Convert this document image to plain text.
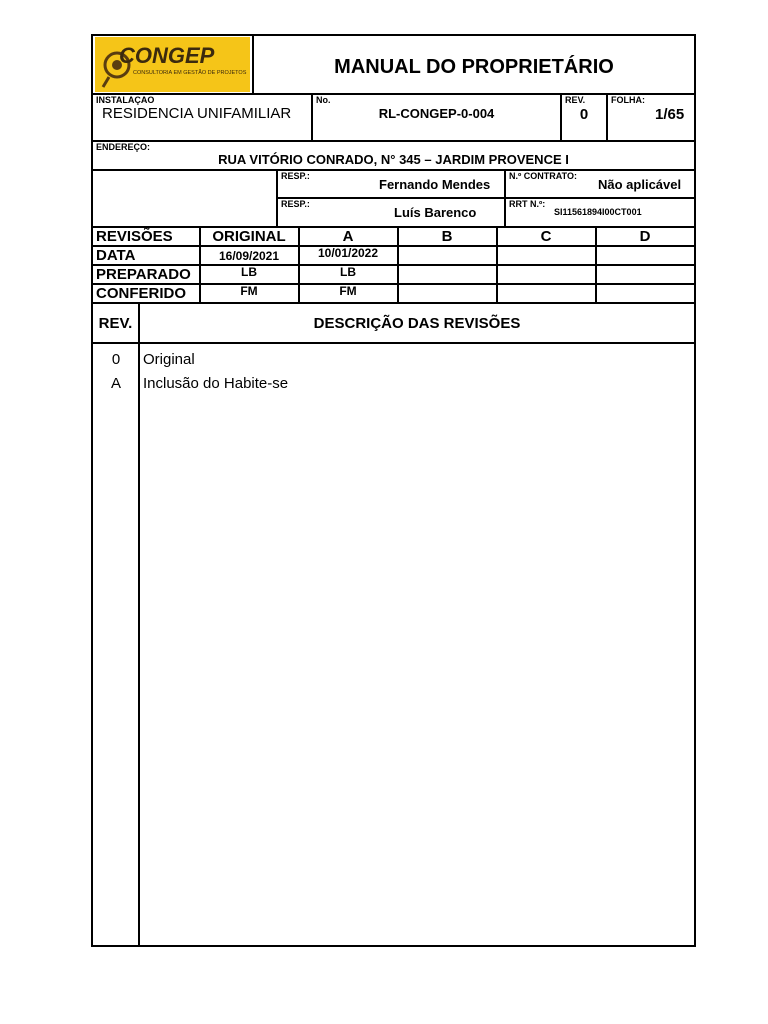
CONGEP
CONSULTORIA EM GESTÃO DE PROJETOS	MANUAL DO PROPRIETÁRIO
INSTALAÇAO
RESIDENCIA UNIFAMILIAR
No.
RL-CONGEP-0-004
REV.
0
FOLHA:
1/65
ENDEREÇO:
RUA VITÓRIO CONRADO, N° 345 – JARDIM PROVENCE I
RESP.:
Fernando Mendes
N.º CONTRATO:
Não aplicável
RESP.:
Luís Barenco
RRT N.º:
SI11561894I00CT001
REVISÕES	ORIGINAL	A	B	C	D
DATA	16/09/2021	10/01/2022
PREPARADO	LB	LB
CONFERIDO	FM	FM
REV.	DESCRIÇÃO DAS REVISÕES
0	Original
A	Inclusão do Habite-se
